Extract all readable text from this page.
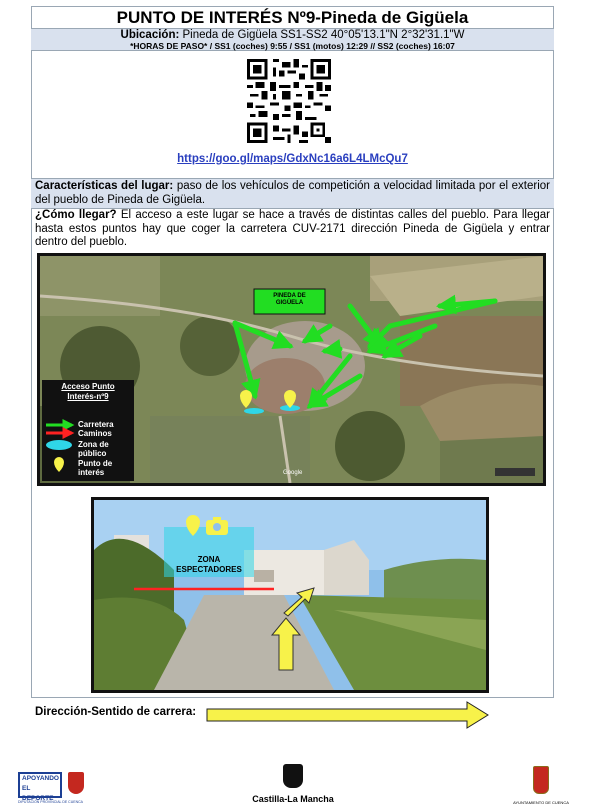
PUNTO DE INTERÉS Nº9-Pineda de Gigüela
Ubicación: Pineda de Gigüela SS1-SS2 40°05'13.1"N 2°32'31.1"W
*HORAS DE PASO* / SS1 (coches) 9:55 / SS1 (motos) 12:29 // SS2 (coches) 16:07
https://goo.gl/maps/GdxNc16a6L4LMcQu7
Características del lugar: paso de los vehículos de competición a velocidad limitada por el exterior del pueblo de Pineda de Gigüela.
¿Cómo llegar? El acceso a este lugar se hace a través de distintas calles del pueblo. Para llegar hasta estos puntos hay que coger la carretera CUV-2171 dirección Pineda de Gigüela y entrar dentro del pueblo.
PINEDA DE
GIGÜELA
Acceso Punto
Interés-nº9
Carretera
Caminos
Zona de
público
Punto de
interés	Google
ZONA
ESPECTADORES
Dirección-Sentido de carrera:
APOYANDO
EL DEPORTE
DIPUTACIÓN PROVINCIAL DE CUENCA	Castilla-La Mancha	AYUNTAMIENTO DE CUENCA
